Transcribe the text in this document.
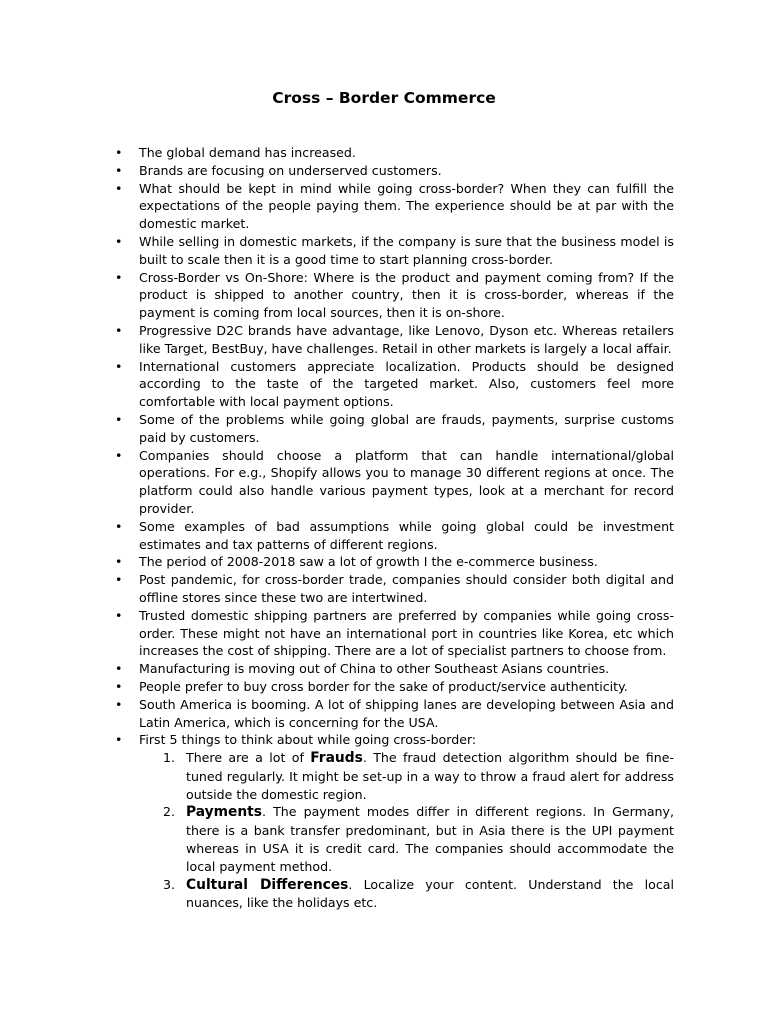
Cross – Border Commerce
• The global demand has increased.
• Brands are focusing on underserved customers.
• What should be kept in mind while going cross-border? When they can fulfill the expectations of the people paying them. The experience should be at par with the domestic market.
• While selling in domestic markets, if the company is sure that the business model is built to scale then it is a good time to start planning cross-border.
• Cross-Border vs On-Shore: Where is the product and payment coming from? If the product is shipped to another country, then it is cross-border, whereas if the payment is coming from local sources, then it is on-shore.
• Progressive D2C brands have advantage, like Lenovo, Dyson etc. Whereas retailers like Target, BestBuy, have challenges. Retail in other markets is largely a local affair.
• International customers appreciate localization. Products should be designed according to the taste of the targeted market. Also, customers feel more comfortable with local payment options.
• Some of the problems while going global are frauds, payments, surprise customs paid by customers.
• Companies should choose a platform that can handle international/global operations. For e.g., Shopify allows you to manage 30 different regions at once. The platform could also handle various payment types, look at a merchant for record provider.
• Some examples of bad assumptions while going global could be investment estimates and tax patterns of different regions.
• The period of 2008-2018 saw a lot of growth I the e-commerce business.
• Post pandemic, for cross-border trade, companies should consider both digital and offline stores since these two are intertwined.
• Trusted domestic shipping partners are preferred by companies while going cross-order. These might not have an international port in countries like Korea, etc which increases the cost of shipping. There are a lot of specialist partners to choose from.
• Manufacturing is moving out of China to other Southeast Asians countries.
• People prefer to buy cross border for the sake of product/service authenticity.
• South America is booming. A lot of shipping lanes are developing between Asia and Latin America, which is concerning for the USA.
• First 5 things to think about while going cross-border:
1. There are a lot of Frauds. The fraud detection algorithm should be fine-tuned regularly. It might be set-up in a way to throw a fraud alert for address outside the domestic region.
2. Payments. The payment modes differ in different regions. In Germany, there is a bank transfer predominant, but in Asia there is the UPI payment whereas in USA it is credit card. The companies should accommodate the local payment method.
3. Cultural Differences. Localize your content. Understand the local nuances, like the holidays etc.
